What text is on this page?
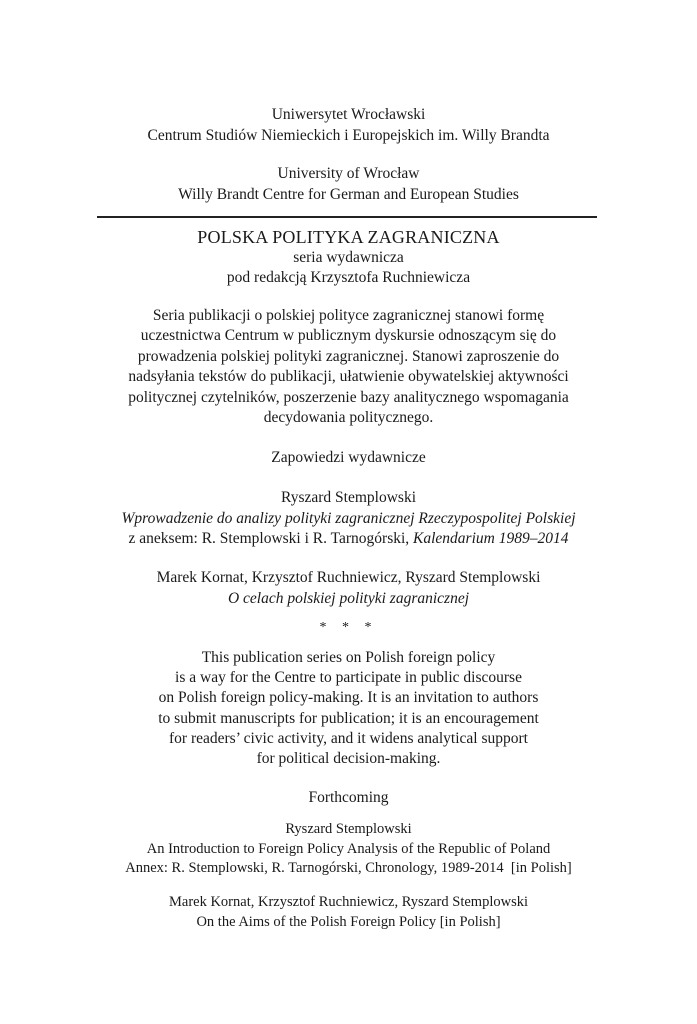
Uniwersytet Wrocławski
Centrum Studiów Niemieckich i Europejskich im. Willy Brandta
University of Wrocław
Willy Brandt Centre for German and European Studies
POLSKA POLITYKA ZAGRANICZNA
seria wydawnicza
pod redakcją Krzysztofa Ruchniewicza
Seria publikacji o polskiej polityce zagranicznej stanowi formę
uczestnictwa Centrum w publicznym dyskursie odnoszącym się do
prowadzenia polskiej polityki zagranicznej. Stanowi zaproszenie do
nadsyłania tekstów do publikacji, ułatwienie obywatelskiej aktywności
politycznej czytelników, poszerzenie bazy analitycznego wspomagania
decydowania politycznego.
Zapowiedzi wydawnicze
Ryszard Stemplowski
Wprowadzenie do analizy polityki zagranicznej Rzeczypospolitej Polskiej
z aneksem: R. Stemplowski i R. Tarnogórski, Kalendarium 1989–2014
Marek Kornat, Krzysztof Ruchniewicz, Ryszard Stemplowski
O celach polskiej polityki zagranicznej
* * *
This publication series on Polish foreign policy
is a way for the Centre to participate in public discourse
on Polish foreign policy-making. It is an invitation to authors
to submit manuscripts for publication; it is an encouragement
for readers’ civic activity, and it widens analytical support
for political decision-making.
Forthcoming
Ryszard Stemplowski
An Introduction to Foreign Policy Analysis of the Republic of Poland
Annex: R. Stemplowski, R. Tarnogórski, Chronology, 1989-2014  [in Polish]
Marek Kornat, Krzysztof Ruchniewicz, Ryszard Stemplowski
On the Aims of the Polish Foreign Policy [in Polish]
